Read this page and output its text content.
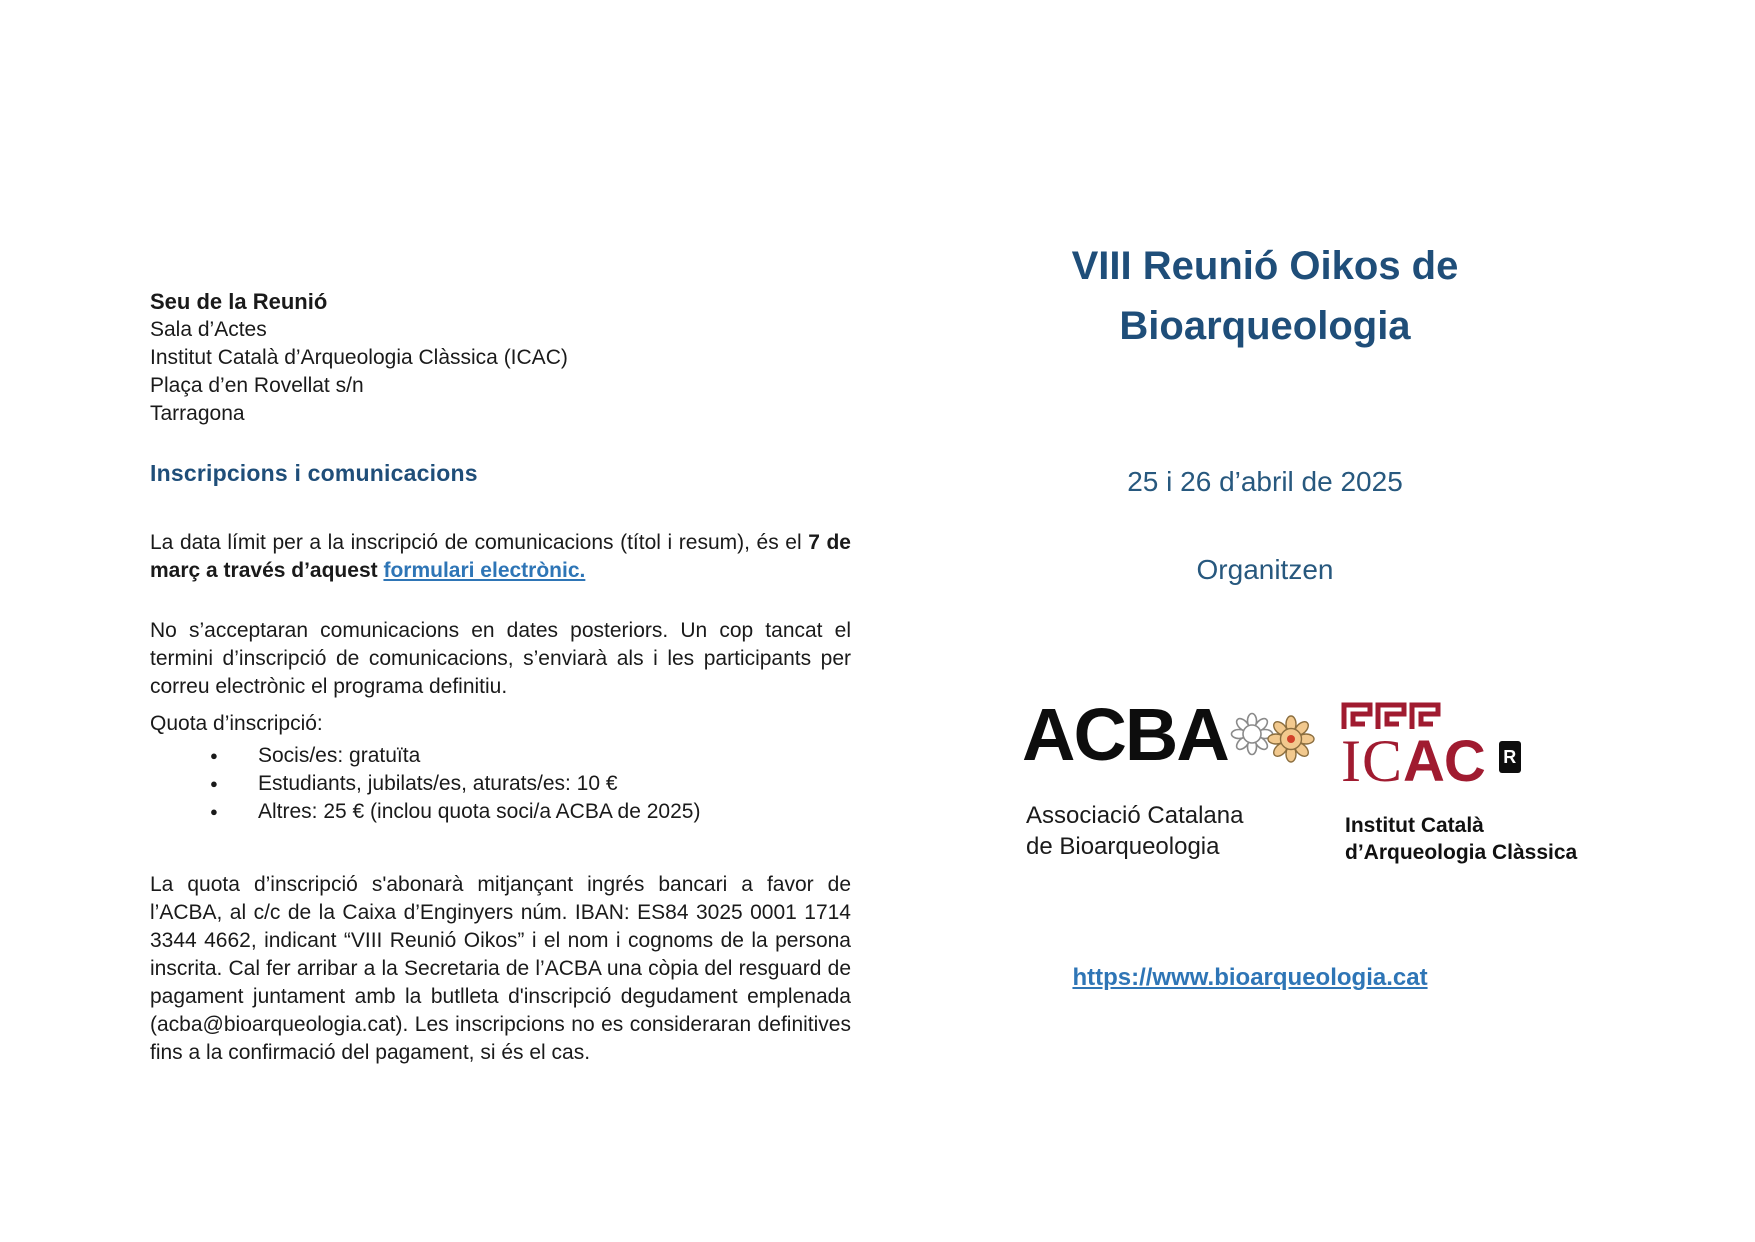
Seu de la Reunió
Sala d’Actes
Institut Català d’Arqueologia Clàssica (ICAC)
Plaça d’en Rovellat s/n
Tarragona
Inscripcions i comunicacions

La data límit per a la inscripció de comunicacions (títol i resum), és el 7 de març a través d’aquest formulari electrònic.

No s’acceptaran comunicacions en dates posteriors. Un cop tancat el termini d’inscripció de comunicacions, s’enviarà als i les participants per correu electrònic el programa definitiu.

Quota d’inscripció:
● Socis/es: gratuïta
● Estudiants, jubilats/es, aturats/es: 10 €
● Altres: 25 € (inclou quota soci/a ACBA de 2025)

La quota d’inscripció s'abonarà mitjançant ingrés bancari a favor de l’ACBA, al c/c de la Caixa d’Enginyers núm. IBAN: ES84 3025 0001 1714 3344 4662, indicant “VIII Reunió Oikos” i el nom i cognoms de la persona inscrita. Cal fer arribar a la Secretaria de l’ACBA una còpia del resguard de pagament juntament amb la butlleta d'inscripció degudament emplenada (acba@bioarqueologia.cat). Les inscripcions no es consideraran definitives fins a la confirmació del pagament, si és el cas.

VIII Reunió Oikos de
Bioarqueologia
25 i 26 d’abril de 2025
Organitzen
ACBA
Associació Catalana
de Bioarqueologia
ICAC R
Institut Català
d’Arqueologia Clàssica
https://www.bioarqueologia.cat
